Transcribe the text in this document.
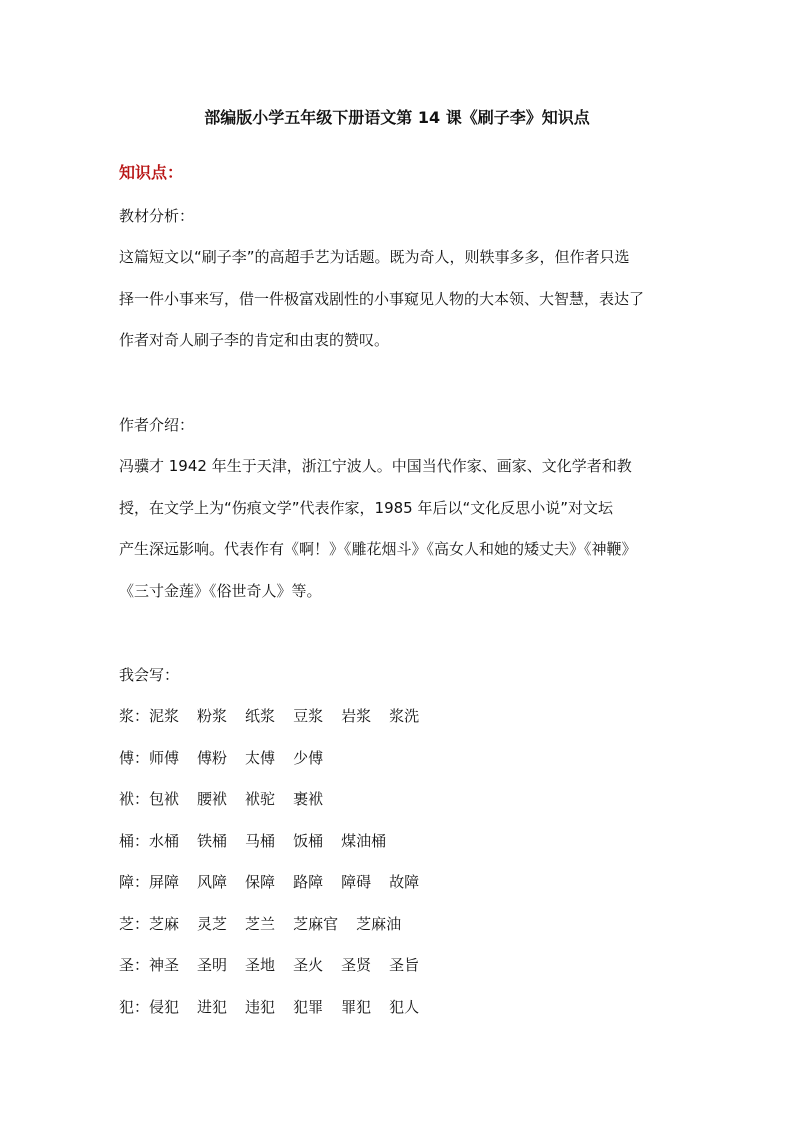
部编版小学五年级下册语文第 14 课《刷子李》知识点
知识点：
教材分析：
这篇短文以“刷子李”的高超手艺为话题。既为奇人，则轶事多多，但作者只选
择一件小事来写，借一件极富戏剧性的小事窥见人物的大本领、大智慧，表达了
作者对奇人刷子李的肯定和由衷的赞叹。
作者介绍：
冯骥才 1942 年生于天津，浙江宁波人。中国当代作家、画家、文化学者和教
授，在文学上为“伤痕文学”代表作家，1985 年后以“文化反思小说”对文坛
产生深远影响。代表作有《啊！》《雕花烟斗》《高女人和她的矮丈夫》《神鞭》
《三寸金莲》《俗世奇人》等。
我会写：
浆：泥浆 粉浆 纸浆 豆浆 岩浆 浆洗
傅：师傅 傅粉 太傅 少傅
袱：包袱 腰袱 袱驼 裹袱
桶：水桶 铁桶 马桶 饭桶 煤油桶
障：屏障 风障 保障 路障 障碍 故障
芝：芝麻 灵芝 芝兰 芝麻官 芝麻油
圣：神圣 圣明 圣地 圣火 圣贤 圣旨
犯：侵犯 进犯 违犯 犯罪 罪犯 犯人
